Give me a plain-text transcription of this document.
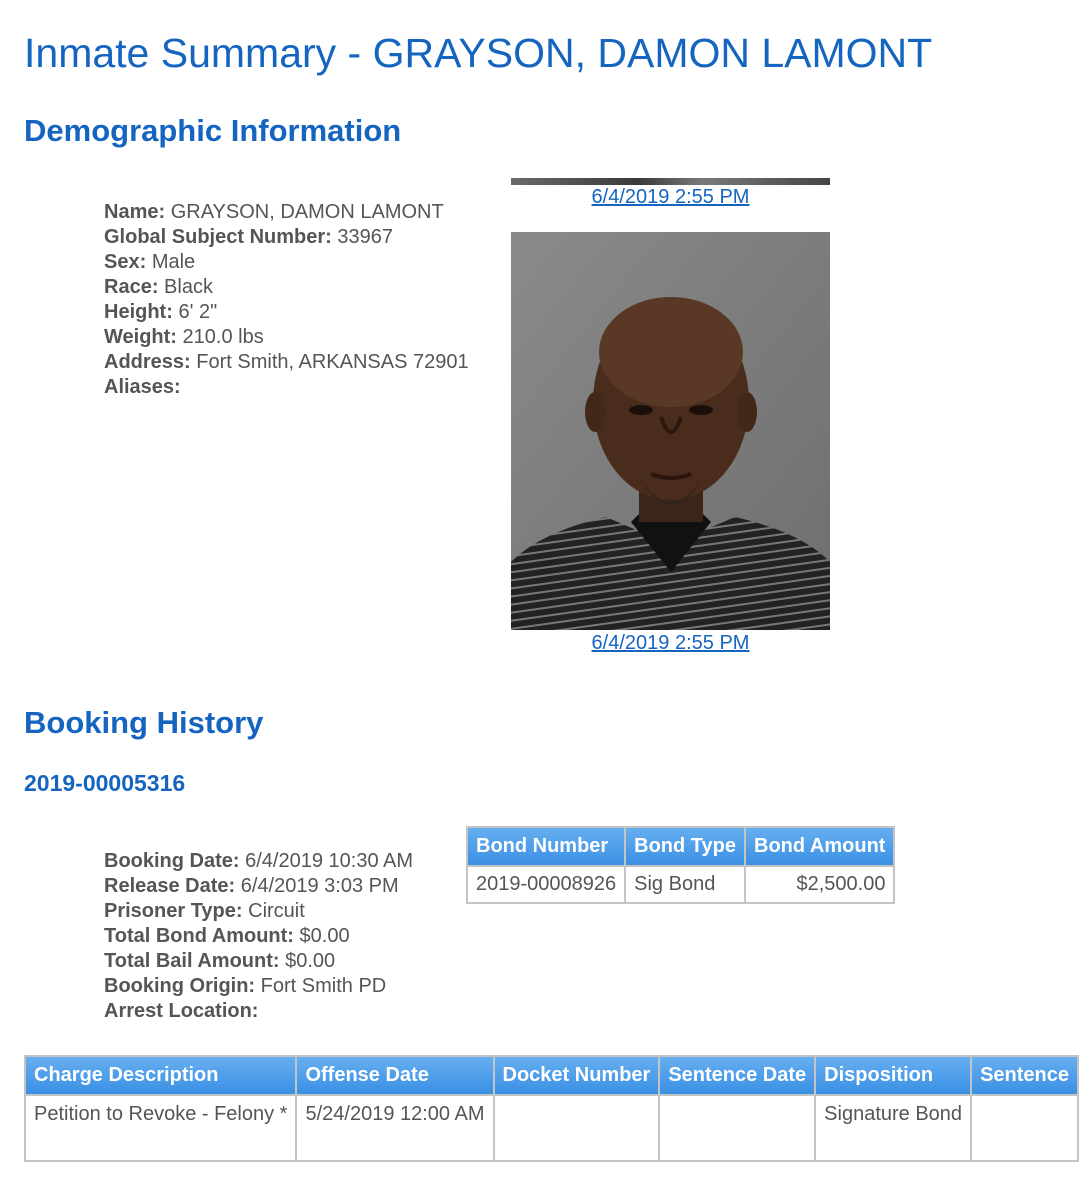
Inmate Summary - GRAYSON, DAMON LAMONT
Demographic Information
Name: GRAYSON, DAMON LAMONT
Global Subject Number: 33967
Sex: Male
Race: Black
Height: 6' 2"
Weight: 210.0 lbs
Address: Fort Smith, ARKANSAS 72901
Aliases:
6/4/2019 2:55 PM
6/4/2019 2:55 PM
Booking History
2019-00005316
Booking Date: 6/4/2019 10:30 AM
Release Date: 6/4/2019 3:03 PM
Prisoner Type: Circuit
Total Bond Amount: $0.00
Total Bail Amount: $0.00
Booking Origin: Fort Smith PD
Arrest Location:
Bond Number	Bond Type	Bond Amount
2019-00008926	Sig Bond	$2,500.00
Charge Description	Offense Date	Docket Number	Sentence Date	Disposition	Sentence
Petition to Revoke - Felony *	5/24/2019 12:00 AM			Signature Bond	
